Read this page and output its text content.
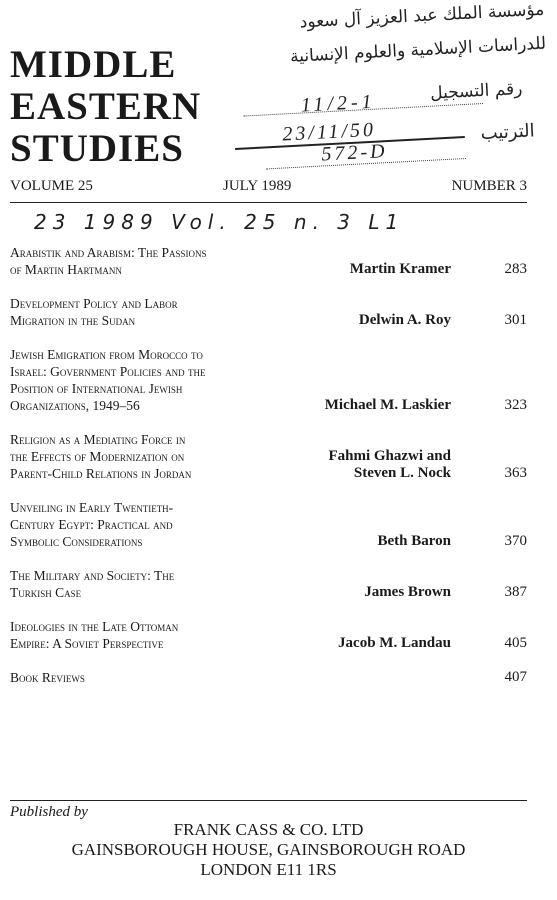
MIDDLE
EASTERN
STUDIES
مؤسسة الملك عبد العزيز آل سعود
للدراسات الإسلامية والعلوم الإنسانية
رقم التسجيل
الترتيب
11/2-1
23/11/50
572-D
VOLUME 25	JULY 1989	NUMBER 3
23 1989 Vol. 25 n. 3 L1
Arabistik and Arabism: The Passions
of Martin Hartmann	Martin Kramer	283
Development Policy and Labor
Migration in the Sudan	Delwin A. Roy	301
Jewish Emigration from Morocco to
Israel: Government Policies and the
Position of International Jewish
Organizations, 1949–56	Michael M. Laskier	323
Religion as a Mediating Force in
the Effects of Modernization on
Parent-Child Relations in Jordan
Fahmi Ghazwi and
Steven L. Nock	363
Unveiling in Early Twentieth-
Century Egypt: Practical and
Symbolic Considerations	Beth Baron	370
The Military and Society: The
Turkish Case	James Brown	387
Ideologies in the Late Ottoman
Empire: A Soviet Perspective	Jacob M. Landau	405
Book Reviews	407
Published by
FRANK CASS & CO. LTD
GAINSBOROUGH HOUSE, GAINSBOROUGH ROAD
LONDON E11 1RS
